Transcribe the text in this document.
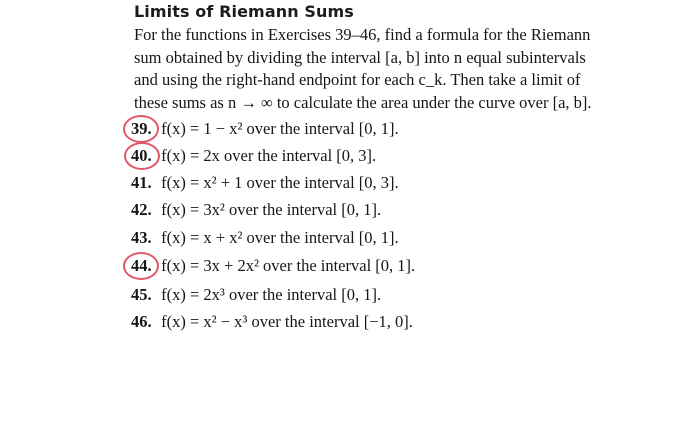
Limits of Riemann Sums
For the functions in Exercises 39–46, find a formula for the Riemann
sum obtained by dividing the interval [a, b] into n equal subintervals
and using the right-hand endpoint for each c_k. Then take a limit of
these sums as n → ∞ to calculate the area under the curve over [a, b].
39. f(x) = 1 − x² over the interval [0, 1].
40. f(x) = 2x over the interval [0, 3].
41. f(x) = x² + 1 over the interval [0, 3].
42. f(x) = 3x² over the interval [0, 1].
43. f(x) = x + x² over the interval [0, 1].
44. f(x) = 3x + 2x² over the interval [0, 1].
45. f(x) = 2x³ over the interval [0, 1].
46. f(x) = x² − x³ over the interval [−1, 0].
